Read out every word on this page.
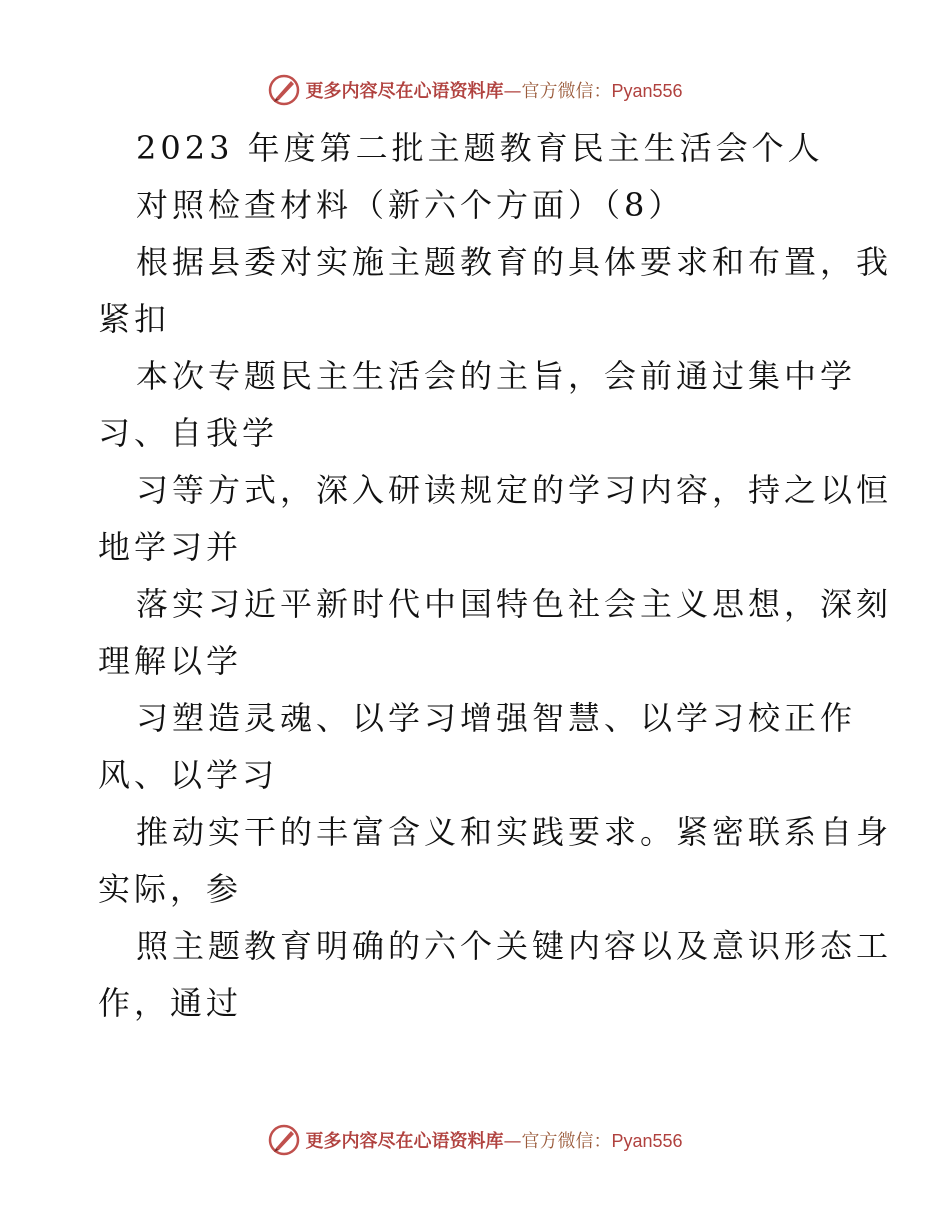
更多内容尽在心语资料库—官方微信：Pyan556
2023 年度第二批主题教育民主生活会个人
对照检查材料（新六个方面）（8）
根据县委对实施主题教育的具体要求和布置，我
紧扣
本次专题民主生活会的主旨，会前通过集中学
习、自我学
习等方式，深入研读规定的学习内容，持之以恒
地学习并
落实习近平新时代中国特色社会主义思想，深刻
理解以学
习塑造灵魂、以学习增强智慧、以学习校正作
风、以学习
推动实干的丰富含义和实践要求。紧密联系自身
实际，参
照主题教育明确的六个关键内容以及意识形态工
作，通过
更多内容尽在心语资料库—官方微信：Pyan556
